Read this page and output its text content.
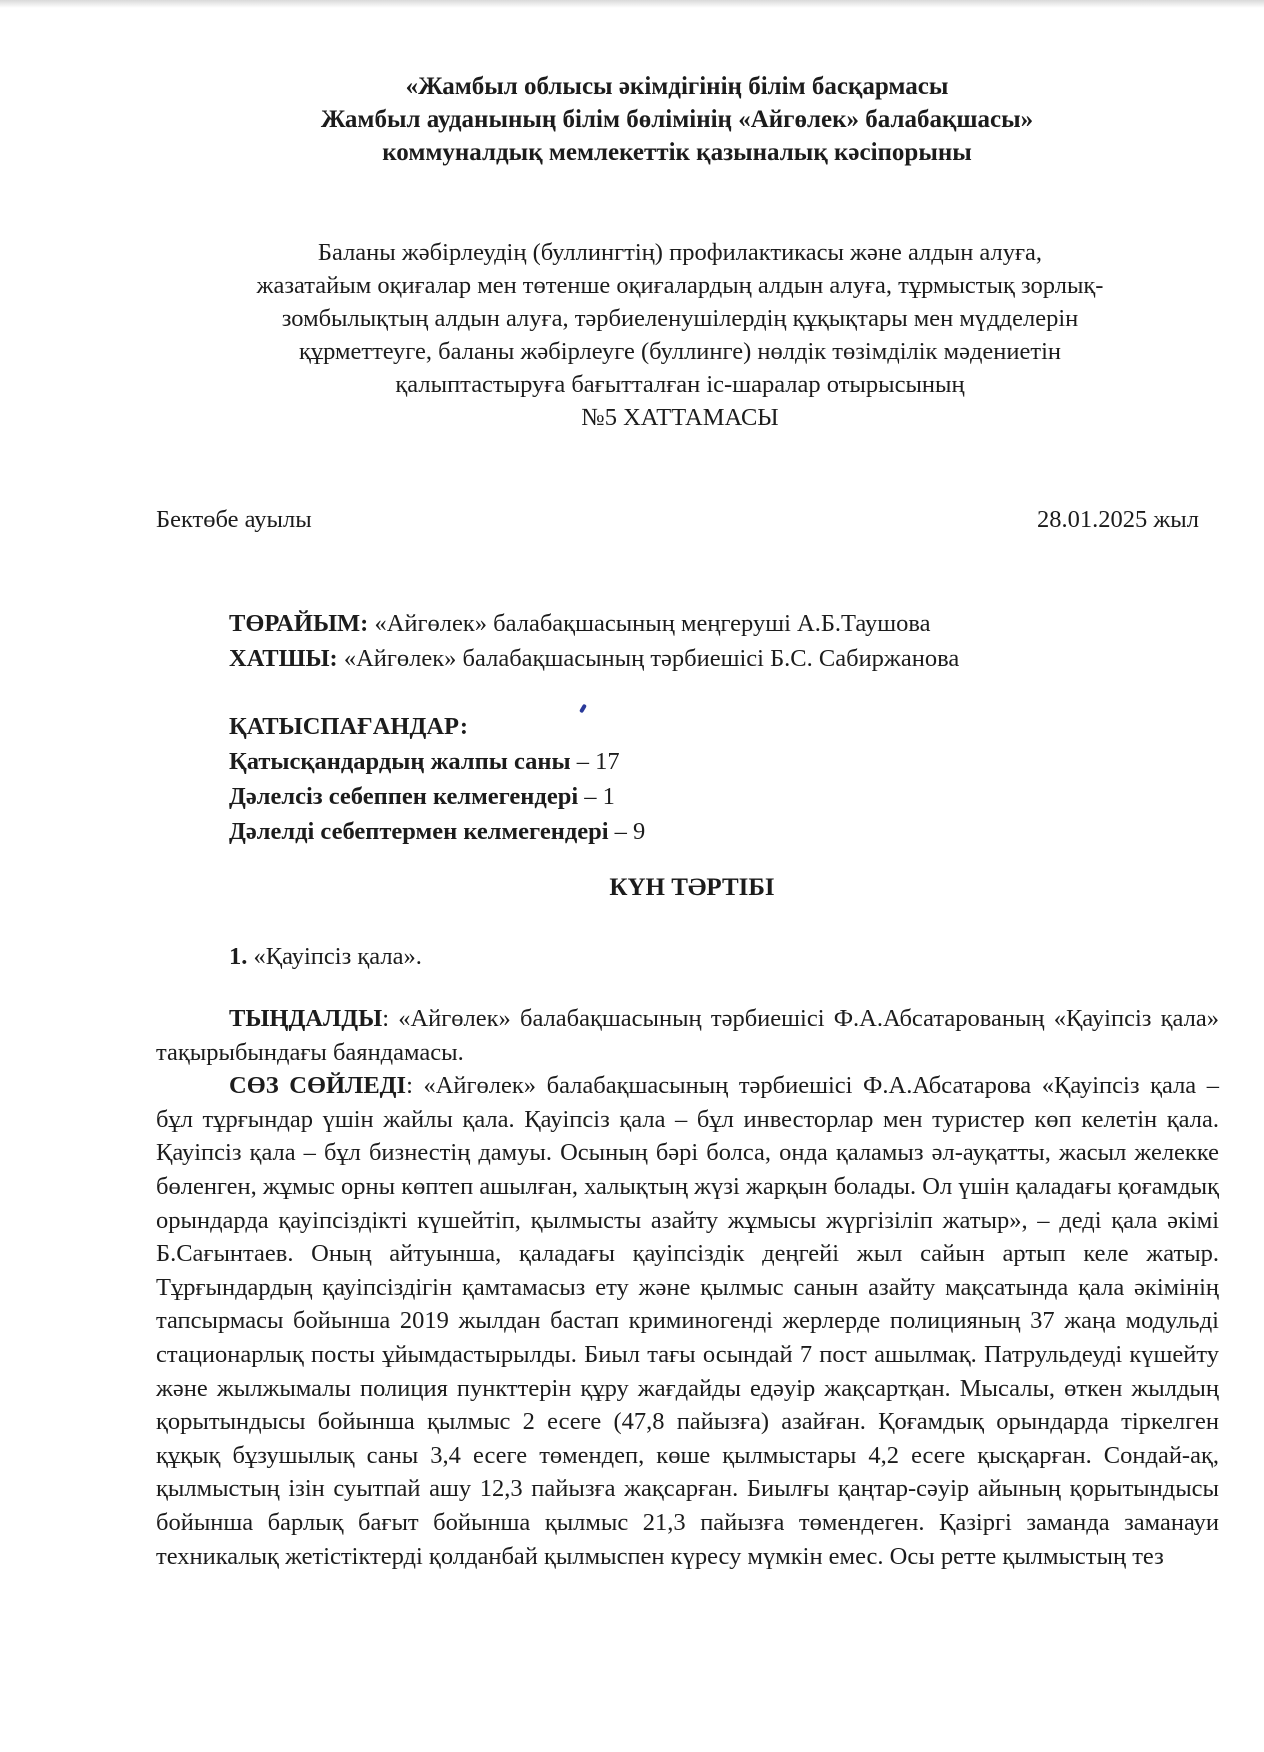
«Жамбыл облысы әкімдігінің білім басқармасы
Жамбыл ауданының білім бөлімінің «Айгөлек» балабақшасы»
коммуналдық мемлекеттік қазыналық кәсіпорыны
Баланы жәбірлеудің (буллингтің) профилактикасы және алдын алуға,
жазатайым оқиғалар мен төтенше оқиғалардың алдын алуға, тұрмыстық зорлық-
зомбылықтың алдын алуға, тәрбиеленушілердің құқықтары мен мүдделерін
құрметтеуге, баланы жәбірлеуге (буллинге) нөлдік төзімділік мәдениетін
қалыптастыруға бағытталған іс-шаралар отырысының
№5 ХАТТАМАСЫ
Бектөбе ауылы	28.01.2025 жыл
ТӨРАЙЫМ: «Айгөлек» балабақшасының меңгеруші А.Б.Таушова
ХАТШЫ: «Айгөлек» балабақшасының тәрбиешісі Б.С. Сабиржанова
ҚАТЫСПАҒАНДАР:
Қатысқандардың жалпы саны – 17
Дәлелсіз себеппен келмегендері – 1
Дәлелді себептермен келмегендері – 9
КҮН ТӘРТІБІ
1. «Қауіпсіз қала».

ТЫҢДАЛДЫ: «Айгөлек» балабақшасының тәрбиешісі Ф.А.Абсатарованың «Қауіпсіз қала» тақырыбындағы баяндамасы.

СӨЗ СӨЙЛЕДІ: «Айгөлек» балабақшасының тәрбиешісі Ф.А.Абсатарова «Қауіпсіз қала – бұл тұрғындар үшін жайлы қала. Қауіпсіз қала – бұл инвесторлар мен туристер көп келетін қала. Қауіпсіз қала – бұл бизнестің дамуы. Осының бәрі болса, онда қаламыз әл-ауқатты, жасыл желекке бөленген, жұмыс орны көптеп ашылған, халықтың жүзі жарқын болады. Ол үшін қаладағы қоғамдық орындарда қауіпсіздікті күшейтіп, қылмысты азайту жұмысы жүргізіліп жатыр», – деді қала әкімі Б.Сағынтаев. Оның айтуынша, қаладағы қауіпсіздік деңгейі жыл сайын артып келе жатыр. Тұрғындардың қауіпсіздігін қамтамасыз ету және қылмыс санын азайту мақсатында қала әкімінің тапсырмасы бойынша 2019 жылдан бастап криминогенді жерлерде полицияның 37 жаңа модульді стационарлық посты ұйымдастырылды. Биыл тағы осындай 7 пост ашылмақ. Патрульдеуді күшейту және жылжымалы полиция пункттерін құру жағдайды едәуір жақсартқан. Мысалы, өткен жылдың қорытындысы бойынша қылмыс 2 есеге (47,8 пайызға) азайған. Қоғамдық орындарда тіркелген құқық бұзушылық саны 3,4 есеге төмендеп, көше қылмыстары 4,2 есеге қысқарған. Сондай-ақ, қылмыстың ізін суытпай ашу 12,3 пайызға жақсарған. Биылғы қаңтар-сәуір айының қорытындысы бойынша барлық бағыт бойынша қылмыс 21,3 пайызға төмендеген. Қазіргі заманда заманауи техникалық жетістіктерді қолданбай қылмыспен күресу мүмкін емес. Осы ретте қылмыстың тез
